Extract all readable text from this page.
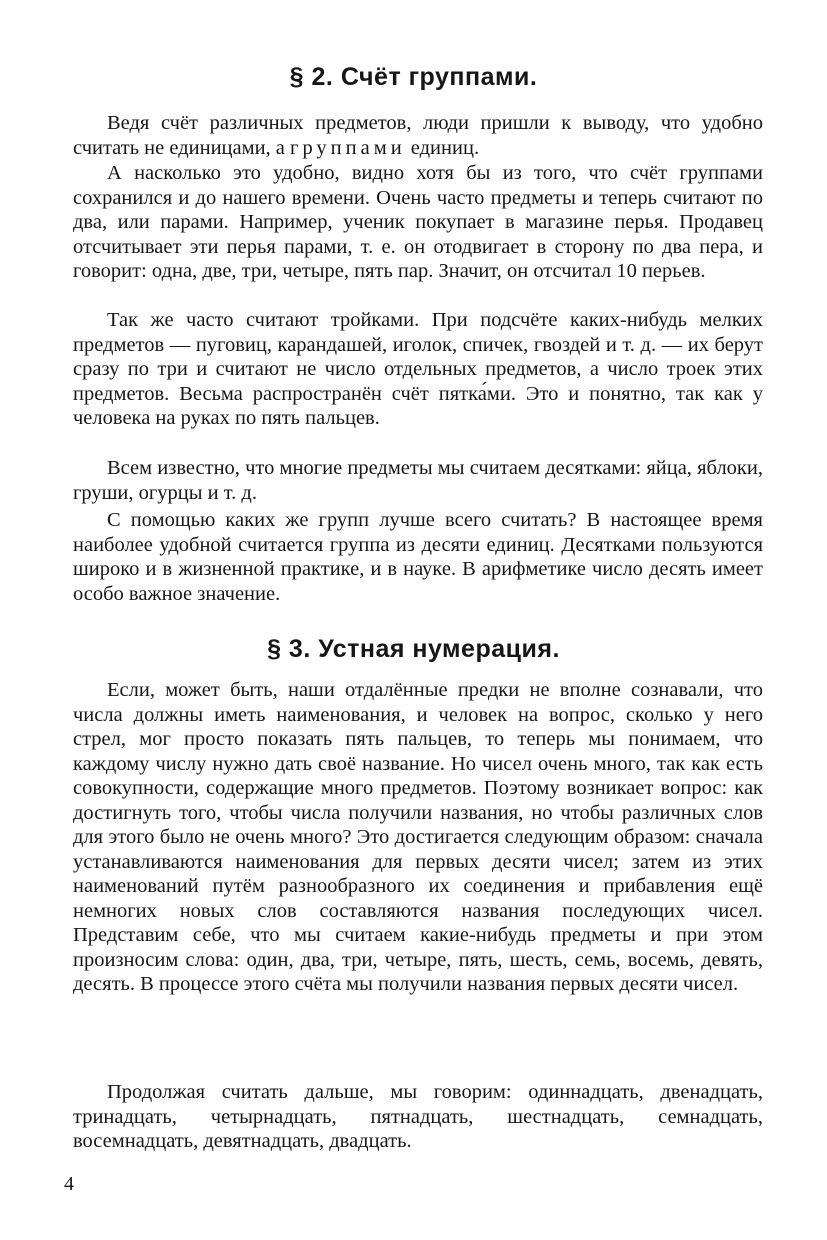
§ 2. Счёт группами.

Ведя счёт различных предметов, люди пришли к выводу, что удобно считать не единицами, а группами единиц.

А насколько это удобно, видно хотя бы из того, что счёт группами сохранился и до нашего времени. Очень часто предметы и теперь считают по два, или парами. Например, ученик покупает в магазине перья. Продавец отсчитывает эти перья парами, т. е. он отодвигает в сторону по два пера, и говорит: одна, две, три, четыре, пять пар. Значит, он отсчитал 10 перьев.

Так же часто считают тройками. При подсчёте каких-нибудь мелких предметов — пуговиц, карандашей, иголок, спичек, гвоздей и т. д. — их берут сразу по три и считают не число отдельных предметов, а число троек этих предметов. Весьма распространён счёт пятка́ми. Это и понятно, так как у человека на руках по пять пальцев.

Всем известно, что многие предметы мы считаем десятками: яйца, яблоки, груши, огурцы и т. д.

С помощью каких же групп лучше всего считать? В настоящее время наиболее удобной считается группа из десяти единиц. Десятками пользуются широко и в жизненной практике, и в науке. В арифметике число десять имеет особо важное значение.

§ 3. Устная нумерация.

Если, может быть, наши отдалённые предки не вполне сознавали, что числа должны иметь наименования, и человек на вопрос, сколько у него стрел, мог просто показать пять пальцев, то теперь мы понимаем, что каждому числу нужно дать своё название. Но чисел очень много, так как есть совокупности, содержащие много предметов. Поэтому возникает вопрос: как достигнуть того, чтобы числа получили названия, но чтобы различных слов для этого было не очень много? Это достигается следующим образом: сначала устанавливаются наименования для первых десяти чисел; затем из этих наименований путём разнообразного их соединения и прибавления ещё немногих новых слов составляются названия последующих чисел. Представим себе, что мы считаем какие-нибудь предметы и при этом произносим слова: один, два, три, четыре, пять, шесть, семь, восемь, девять, десять. В процессе этого счёта мы получили названия первых десяти чисел.

Продолжая считать дальше, мы говорим: одиннадцать, двенадцать, тринадцать, четырнадцать, пятнадцать, шестнадцать, семнадцать, восемнадцать, девятнадцать, двадцать.

4
